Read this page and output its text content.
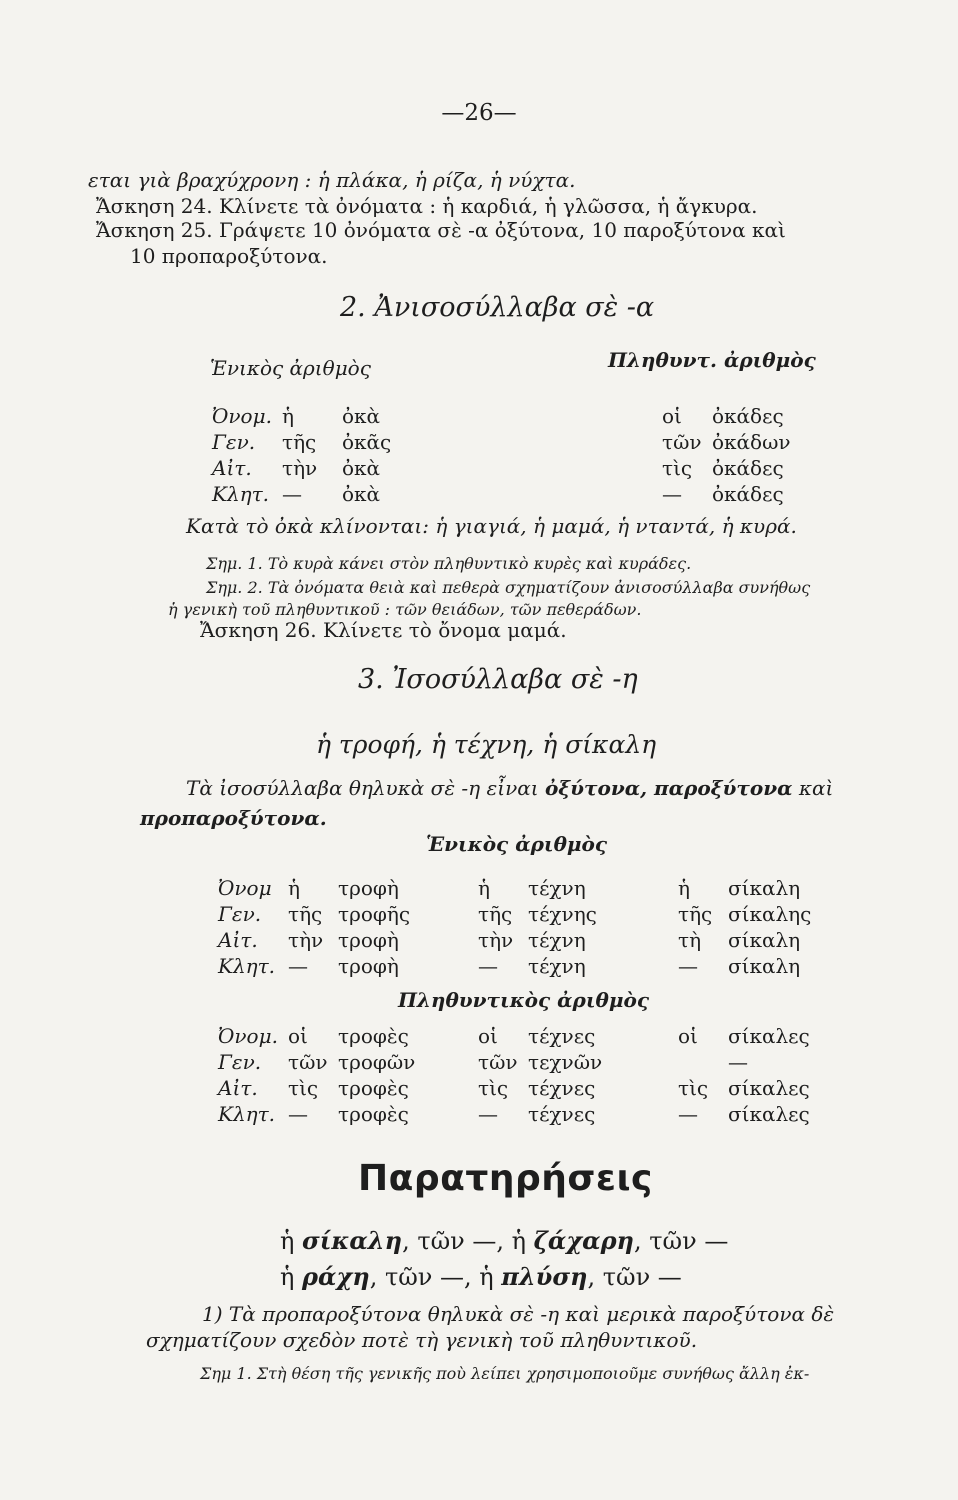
—26—
εται γιὰ βραχύχρονη : ἡ πλάκα, ἡ ρίζα, ἡ νύχτα.
Ἄσκηση 24. Κλίνετε τὰ ὀνόματα : ἡ καρδιά, ἡ γλῶσσα, ἡ ἄγκυρα.
Ἄσκηση 25. Γράψετε 10 ὀνόματα σὲ -α ὀξύτονα, 10 παροξύτονα καὶ
10 προπαροξύτονα.
2. Ἀνισοσύλλαβα σὲ -α
Ἑνικὸς ἀριθμὸς	Πληθυντ. ἀριθμὸς
Ὀνομ. ἡ	ὀκὰ	οἱ	ὀκάδες
Γεν.	τῆς	ὀκᾶς	τῶν ὀκάδων
Αἰτ.	τὴν	ὀκὰ	τὶς ὀκάδες
Κλητ. —	ὀκὰ	—	ὀκάδες
Κατὰ τὸ ὀκὰ κλίνονται: ἡ γιαγιά, ἡ μαμά, ἡ νταντά, ἡ κυρά.
Σημ. 1. Τὸ κυρὰ κάνει στὸν πληθυντικὸ κυρὲς καὶ κυράδες.
Σημ. 2. Τὰ ὀνόματα θειὰ καὶ πεθερὰ σχηματίζουν ἀνισοσύλλαβα συνήθως
ἡ γενικὴ τοῦ πληθυντικοῦ : τῶν θειάδων, τῶν πεθεράδων.
Ἄσκηση 26. Κλίνετε τὸ ὄνομα μαμά.
3. Ἰσοσύλλαβα σὲ -η
ἡ τροφή, ἡ τέχνη, ἡ σίκαλη
Τὰ ἰσοσύλλαβα θηλυκὰ σὲ -η εἶναι ὀξύτονα, παροξύτονα καὶ
προπαροξύτονα.
Ἑνικὸς ἀριθμὸς
Ὀνομ ἡ	τροφὴ	ἡ	τέχνη	ἡ	σίκαλη
Γεν.	τῆς τροφῆς	τῆς τέχνης	τῆς σίκαλης
Αἰτ.	τὴν τροφὴ	τὴν τέχνη	τὴ	σίκαλη
Κλητ. —	τροφὴ	—	τέχνη	—	σίκαλη
Πληθυντικὸς ἀριθμὸς
Ὀνομ. οἱ	τροφὲς	οἱ	τέχνες	οἱ	σίκαλες
Γεν.	τῶν τροφῶν	τῶν τεχνῶν	—
Αἰτ.	τὶς τροφὲς	τὶς τέχνες	τὶς σίκαλες
Κλητ. —	τροφὲς	—	τέχνες	—	σίκαλες
Παρατηρήσεις
ἡ σίκαλη, τῶν —, ἡ ζάχαρη, τῶν —
ἡ ράχη, τῶν —, ἡ πλύση, τῶν —
1) Τὰ προπαροξύτονα θηλυκὰ σὲ -η καὶ μερικὰ παροξύτονα δὲ
σχηματίζουν σχεδὸν ποτὲ τὴ γενικὴ τοῦ πληθυντικοῦ.
Σημ 1. Στὴ θέση τῆς γενικῆς ποὺ λείπει χρησιμοποιοῦμε συνήθως ἄλλη ἐκ-
